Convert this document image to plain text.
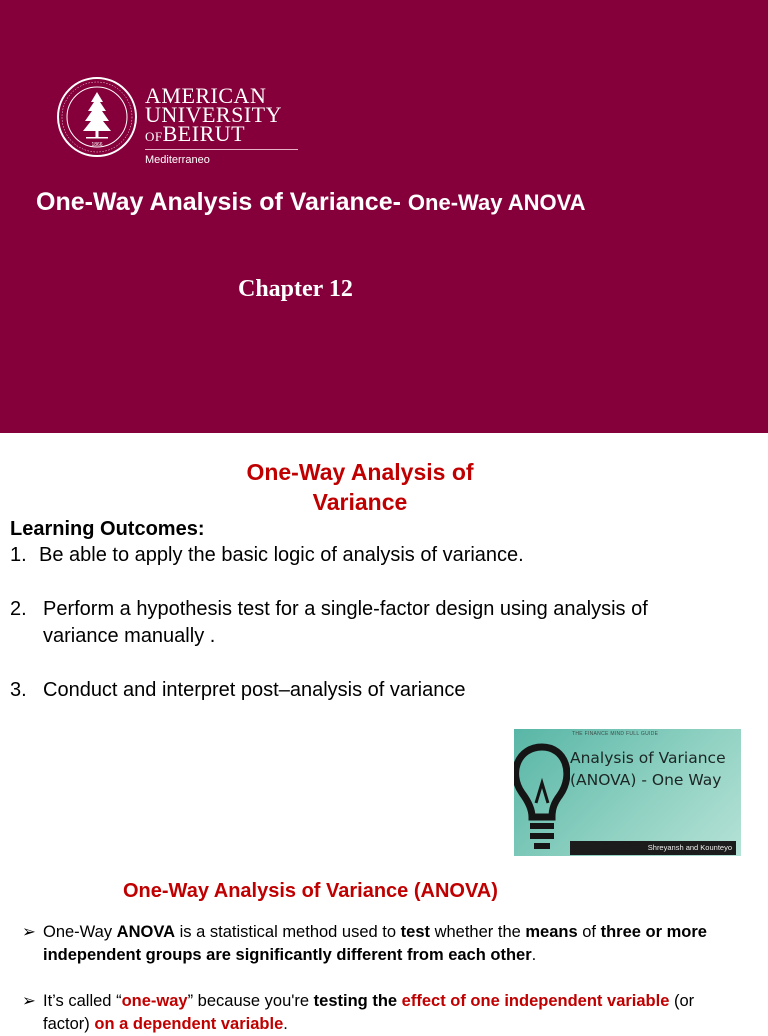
1866
AMERICAN
UNIVERSITY
OFBEIRUT
Mediterraneo
One-Way Analysis of Variance- One-Way ANOVA
Chapter 12
One-Way Analysis of
Variance
Learning Outcomes:
1. Be able to apply the basic logic of analysis of variance.
2. Perform a hypothesis test for a single-factor design using analysis of variance manually .
3. Conduct and interpret post–analysis of variance
THE FINANCE MIND FULL GUIDE
Analysis of Variance (ANOVA) - One Way
Shreyansh and Kounteyo
One-Way Analysis of Variance (ANOVA)
➢ One-Way ANOVA is a statistical method used to test whether the means of three or more independent groups are significantly different from each other.
➢ It’s called “one-way” because you're testing the effect of one independent variable (or factor) on a dependent variable.
